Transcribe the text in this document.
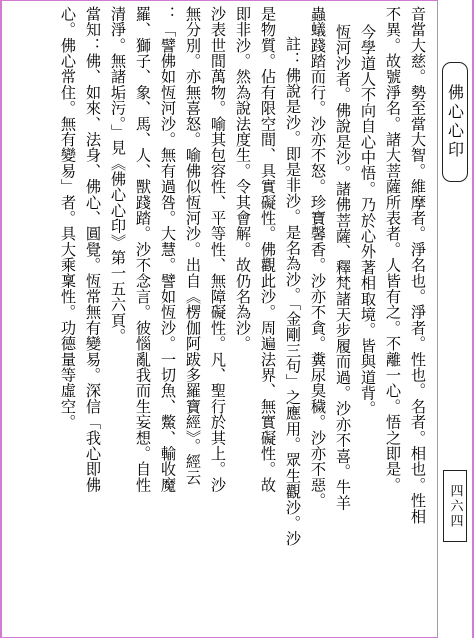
佛心心印
四六四
音當大慈。勢至當大智。維摩者。淨名也。淨者。性也。名者。相也。性相
不異。故號淨名。諸大菩薩所表者。人皆有之。不離一心。悟之即是。
今學道人不向自心中悟。乃於心外著相取境。皆與道背。
恆河沙者。佛說是沙。諸佛菩薩、釋梵諸天步履而過。沙亦不喜。牛羊
蟲蟻踐踏而行。沙亦不怒。珍寶馨香。沙亦不貪。糞尿臭穢。沙亦不惡。
註：佛說是沙。即是非沙。是名為沙。「金剛三句」之應用。眾生觀沙。沙
是物質。佔有限空間、具實礙性。佛觀此沙。周遍法界、無實礙性。故
即非沙。然為說法度生。令其會解。故仍名為沙。
沙表世間萬物。喻其包容性、平等性、無障礙性。凡、聖行於其上。沙
無分別。亦無喜怒。喻佛似恆河沙。出自《楞伽阿跋多羅寶經》。經云
：「譬佛如恆河沙。無有過咎。大慧。譬如恆沙。一切魚、鱉、輸收魔
羅、獅子、象、馬、人、獸踐踏。沙不念言。彼惱亂我而生妄想。自性
清淨。無諸垢污。」見《佛心心印》第一五六頁。
當知：佛、如來、法身、佛心、圓覺。恆常無有變易。深信「我心即佛
心。佛心常住。無有變易」者。具大乘稟性。功德量等虛空。
